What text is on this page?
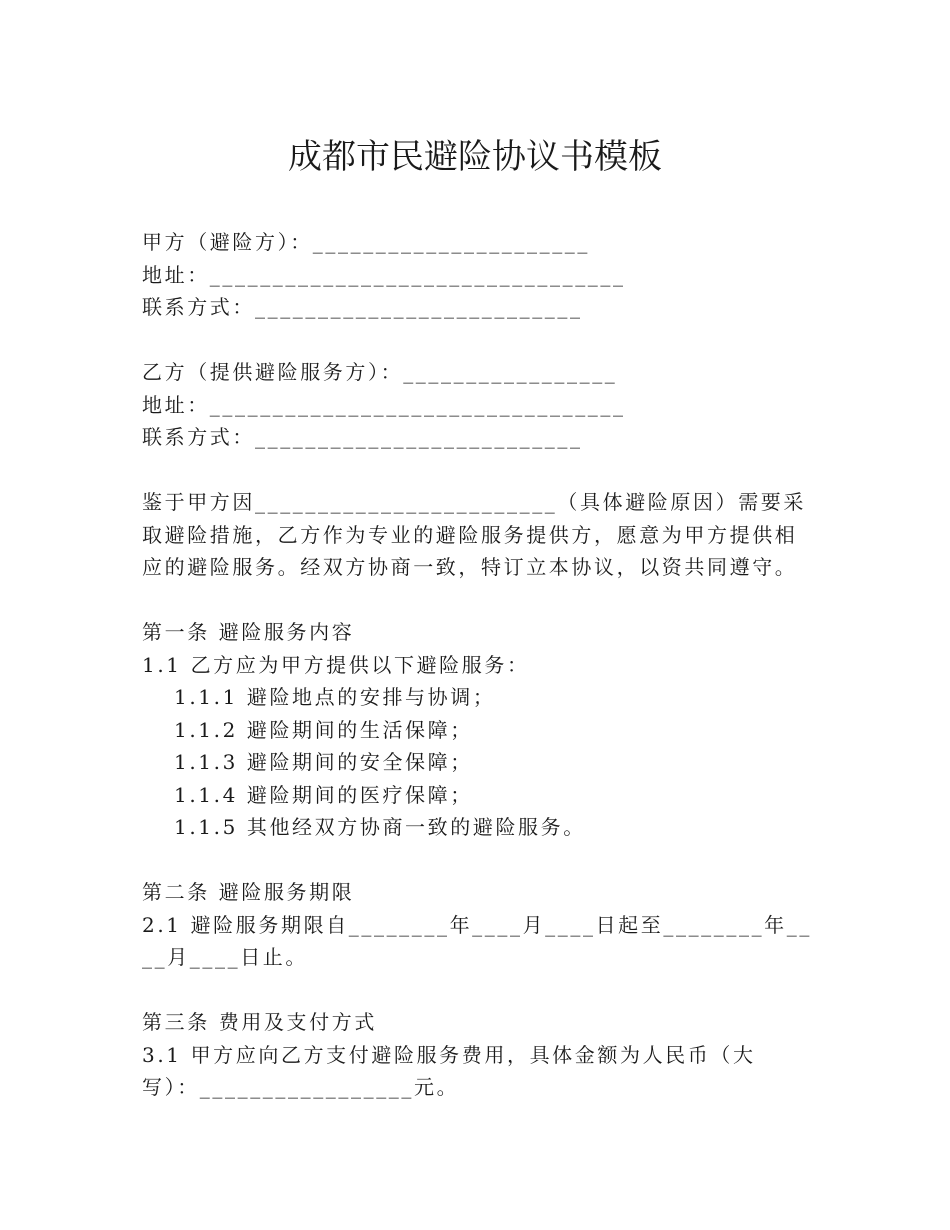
成都市民避险协议书模板
甲方（避险方）：______________________
地址：_________________________________
联系方式：__________________________
乙方（提供避险服务方）：_________________
地址：_________________________________
联系方式：__________________________
鉴于甲方因________________________（具体避险原因）需要采取避险措施，乙方作为专业的避险服务提供方，愿意为甲方提供相应的避险服务。经双方协商一致，特订立本协议，以资共同遵守。
第一条 避险服务内容
1.1 乙方应为甲方提供以下避险服务：
1.1.1 避险地点的安排与协调；
1.1.2 避险期间的生活保障；
1.1.3 避险期间的安全保障；
1.1.4 避险期间的医疗保障；
1.1.5 其他经双方协商一致的避险服务。
第二条 避险服务期限
2.1 避险服务期限自________年____月____日起至________年____月____日止。
第三条 费用及支付方式
3.1 甲方应向乙方支付避险服务费用，具体金额为人民币（大写）：_________________元。
